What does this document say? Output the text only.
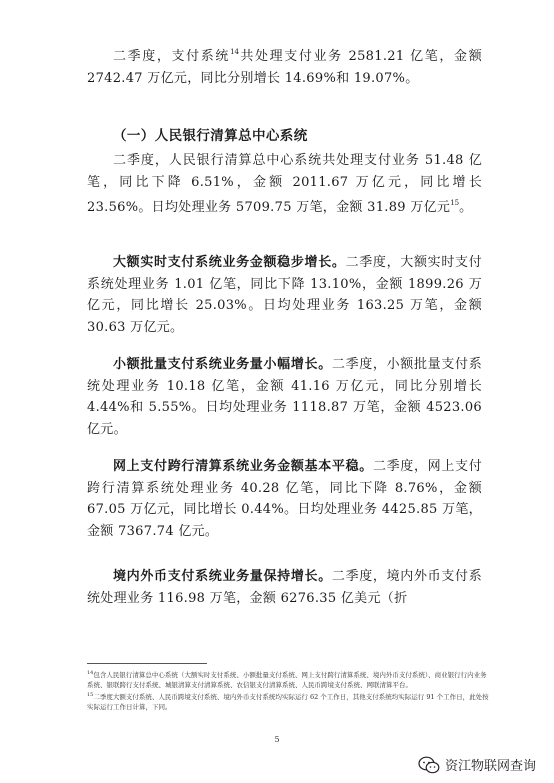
二季度，支付系统$^{14}$共处理支付业务 2581.21 亿笔，金额 2742.47 万亿元，同比分别增长 14.69%和 19.07%。

（一）人民银行清算总中心系统

二季度，人民银行清算总中心系统共处理支付业务 51.48 亿笔，同比下降 6.51%，金额 2011.67 万亿元，同比增长 23.56%。日均处理业务 5709.75 万笔，金额 31.89 万亿元$^{15}$。

大额实时支付系统业务金额稳步增长。二季度，大额实时支付系统处理业务 1.01 亿笔，同比下降 13.10%，金额 1899.26 万亿元，同比增长 25.03%。日均处理业务 163.25 万笔，金额 30.63 万亿元。

小额批量支付系统业务量小幅增长。二季度，小额批量支付系统处理业务 10.18 亿笔，金额 41.16 万亿元，同比分别增长 4.44%和 5.55%。日均处理业务 1118.87 万笔，金额 4523.06 亿元。

网上支付跨行清算系统业务金额基本平稳。二季度，网上支付跨行清算系统处理业务 40.28 亿笔，同比下降 8.76%，金额 67.05 万亿元，同比增长 0.44%。日均处理业务 4425.85 万笔，金额 7367.74 亿元。

境内外币支付系统业务量保持增长。二季度，境内外币支付系统处理业务 116.98 万笔，金额 6276.35 亿美元（折

$^{14}$包含人民银行清算总中心系统（大额实时支付系统、小额批量支付系统、网上支付跨行清算系统、境内外币支付系统）、商业银行行内业务系统、银联跨行支付系统、城银清算支付清算系统、农信银支付清算系统、人民币跨境支付系统、网联清算平台。

$^{15}$二季度大额支付系统、人民币跨境支付系统、境内外币支付系统均实际运行 62 个工作日，其他支付系统均实际运行 91 个工作日，此处按实际运行工作日计算，下同。

5
资江物联网查询
